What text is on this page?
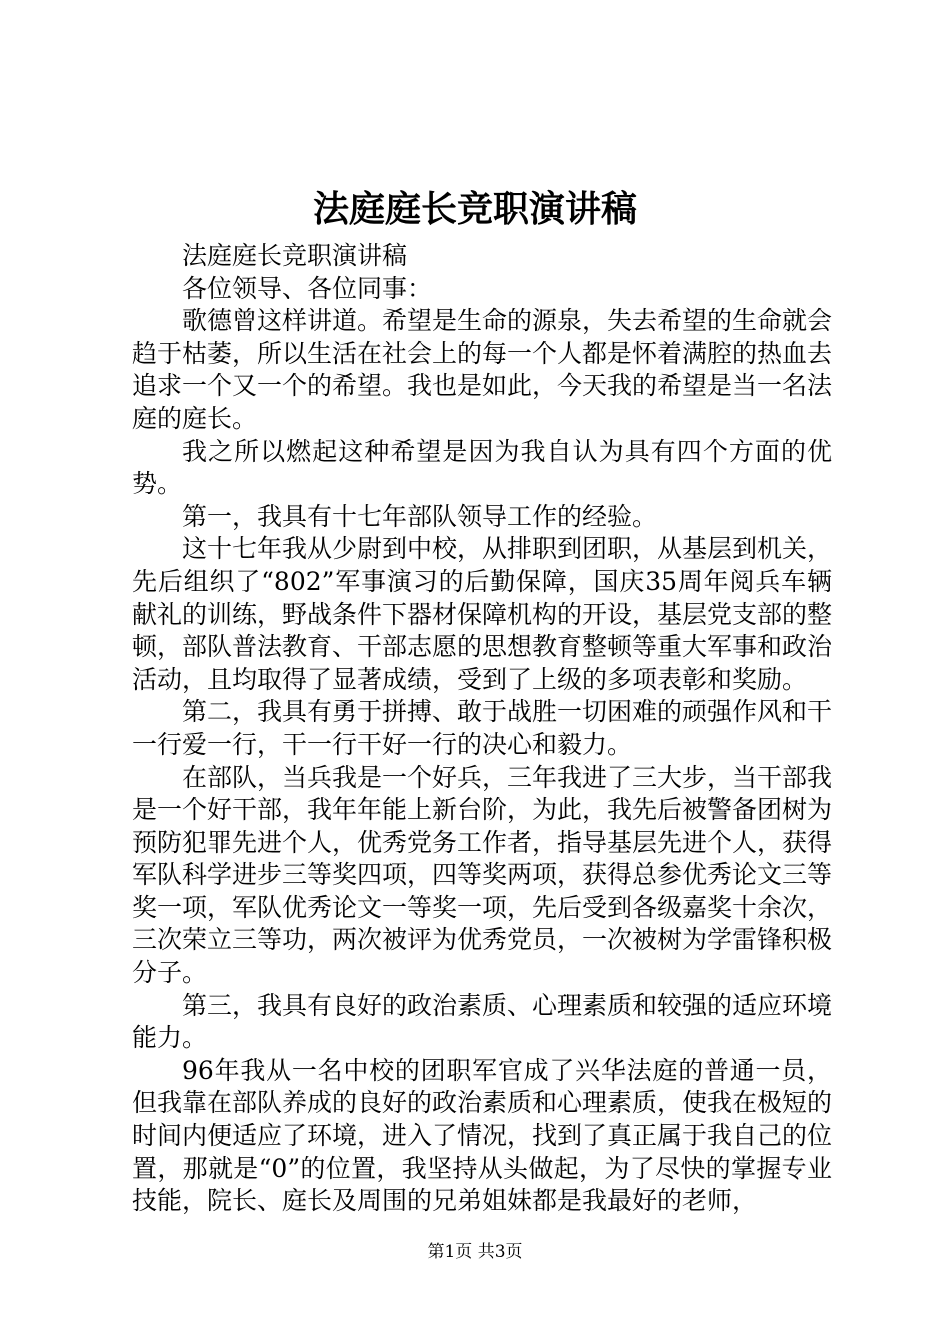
法庭庭长竞职演讲稿

法庭庭长竞职演讲稿

各位领导、各位同事：

歌德曾这样讲道。希望是生命的源泉，失去希望的生命就会趋于枯萎，所以生活在社会上的每一个人都是怀着满腔的热血去追求一个又一个的希望。我也是如此，今天我的希望是当一名法庭的庭长。

我之所以燃起这种希望是因为我自认为具有四个方面的优势。

第一，我具有十七年部队领导工作的经验。

这十七年我从少尉到中校，从排职到团职，从基层到机关，先后组织了“802”军事演习的后勤保障，国庆35周年阅兵车辆献礼的训练，野战条件下器材保障机构的开设，基层党支部的整顿，部队普法教育、干部志愿的思想教育整顿等重大军事和政治活动，且均取得了显著成绩，受到了上级的多项表彰和奖励。

第二，我具有勇于拼搏、敢于战胜一切困难的顽强作风和干一行爱一行，干一行干好一行的决心和毅力。

在部队，当兵我是一个好兵，三年我进了三大步，当干部我是一个好干部，我年年能上新台阶，为此，我先后被警备团树为预防犯罪先进个人，优秀党务工作者，指导基层先进个人，获得军队科学进步三等奖四项，四等奖两项，获得总参优秀论文三等奖一项，军队优秀论文一等奖一项，先后受到各级嘉奖十余次，三次荣立三等功，两次被评为优秀党员，一次被树为学雷锋积极分子。

第三，我具有良好的政治素质、心理素质和较强的适应环境能力。

96年我从一名中校的团职军官成了兴华法庭的普通一员，但我靠在部队养成的良好的政治素质和心理素质，使我在极短的时间内便适应了环境，进入了情况，找到了真正属于我自己的位置，那就是“0”的位置，我坚持从头做起，为了尽快的掌握专业技能，院长、庭长及周围的兄弟姐妹都是我最好的老师，

第1页 共3页
